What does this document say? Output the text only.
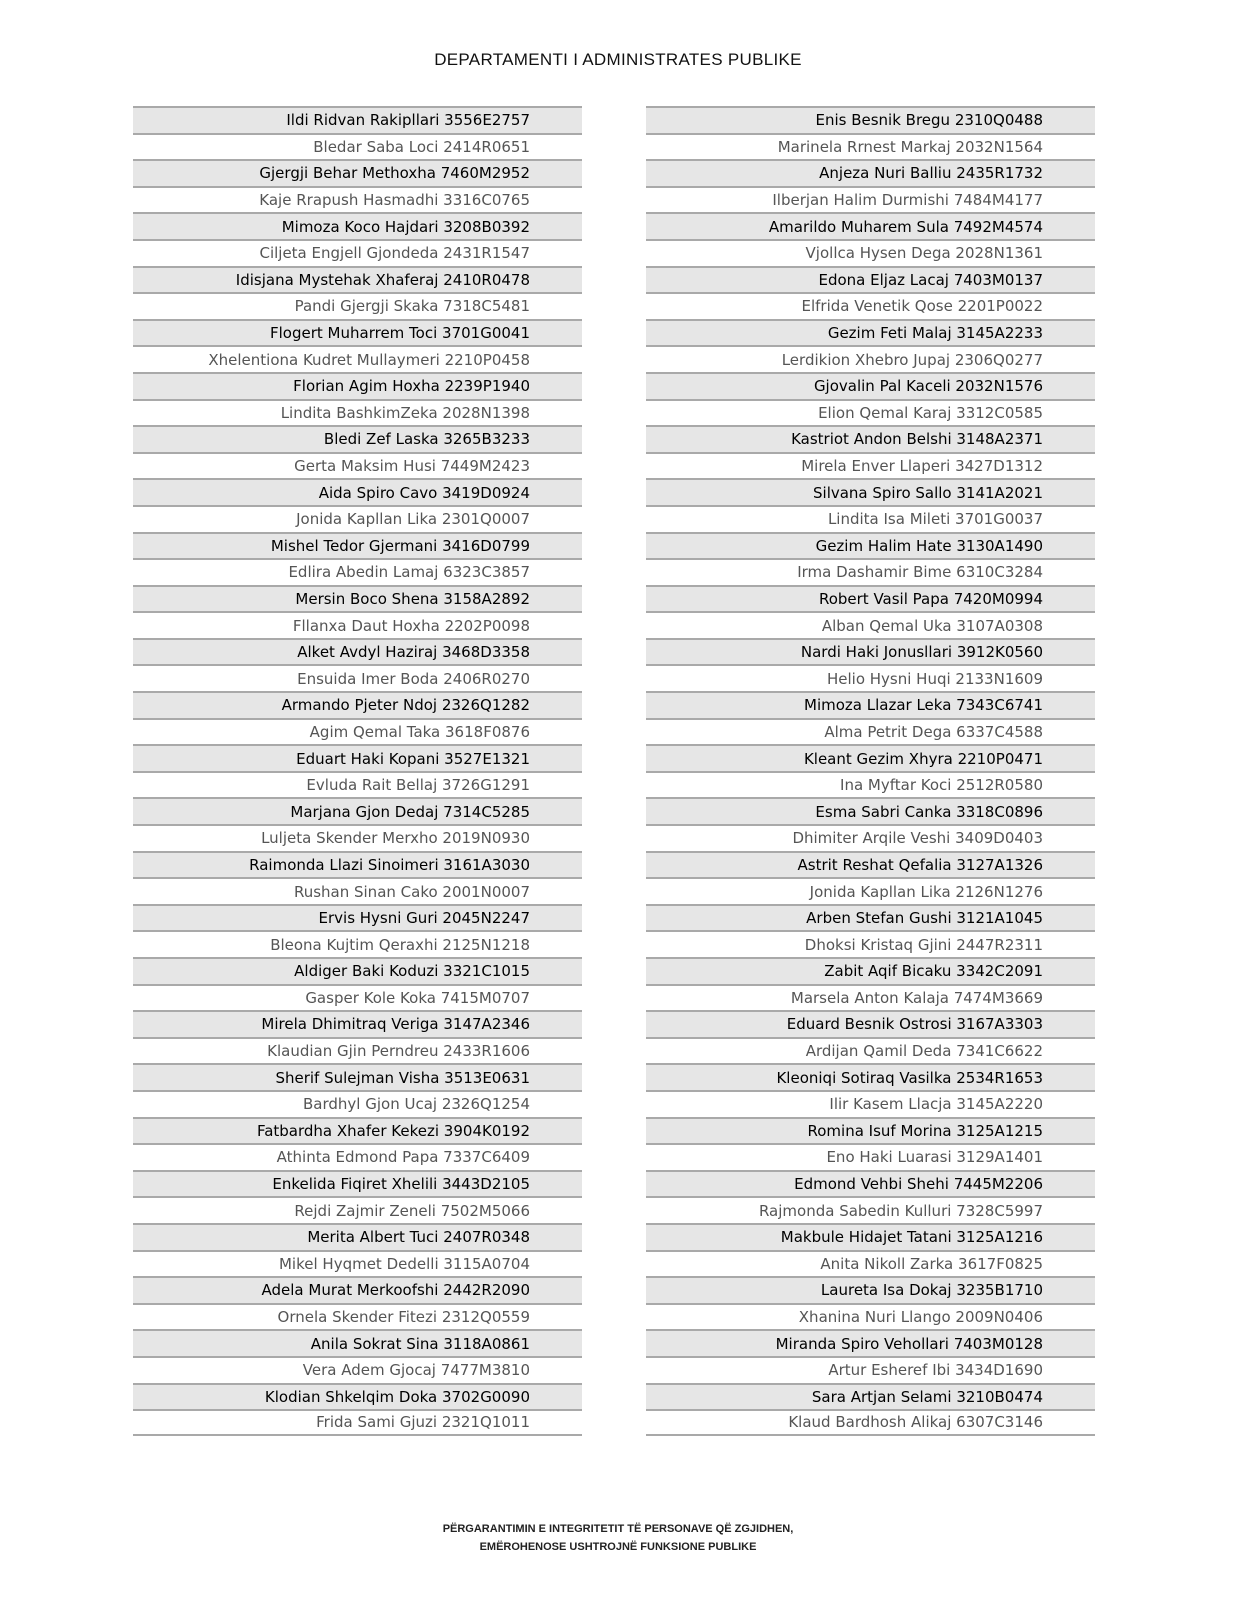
DEPARTAMENTI I ADMINISTRATES PUBLIKE
Ildi Ridvan Rakipllari 3556E2757
Bledar Saba Loci 2414R0651
Gjergji Behar Methoxha 7460M2952
Kaje Rrapush Hasmadhi 3316C0765
Mimoza Koco Hajdari 3208B0392
Ciljeta Engjell Gjondeda 2431R1547
Idisjana Mystehak Xhaferaj 2410R0478
Pandi Gjergji Skaka 7318C5481
Flogert Muharrem Toci 3701G0041
Xhelentiona Kudret Mullaymeri 2210P0458
Florian Agim Hoxha 2239P1940
Lindita BashkimZeka 2028N1398
Bledi Zef Laska 3265B3233
Gerta Maksim Husi 7449M2423
Aida Spiro Cavo 3419D0924
Jonida Kapllan Lika 2301Q0007
Mishel Tedor Gjermani 3416D0799
Edlira Abedin Lamaj 6323C3857
Mersin Boco Shena 3158A2892
Fllanxa Daut Hoxha 2202P0098
Alket Avdyl Haziraj 3468D3358
Ensuida Imer Boda 2406R0270
Armando Pjeter Ndoj 2326Q1282
Agim Qemal Taka 3618F0876
Eduart Haki Kopani 3527E1321
Evluda Rait Bellaj 3726G1291
Marjana Gjon Dedaj 7314C5285
Luljeta Skender Merxho 2019N0930
Raimonda Llazi Sinoimeri 3161A3030
Rushan Sinan Cako 2001N0007
Ervis Hysni Guri 2045N2247
Bleona Kujtim Qeraxhi 2125N1218
Aldiger Baki Koduzi 3321C1015
Gasper Kole Koka 7415M0707
Mirela Dhimitraq Veriga 3147A2346
Klaudian Gjin Perndreu 2433R1606
Sherif Sulejman Visha 3513E0631
Bardhyl Gjon Ucaj 2326Q1254
Fatbardha Xhafer Kekezi 3904K0192
Athinta Edmond Papa 7337C6409
Enkelida Fiqiret Xhelili 3443D2105
Rejdi Zajmir Zeneli 7502M5066
Merita Albert Tuci 2407R0348
Mikel Hyqmet Dedelli 3115A0704
Adela Murat Merkoofshi 2442R2090
Ornela Skender Fitezi 2312Q0559
Anila Sokrat Sina 3118A0861
Vera Adem Gjocaj 7477M3810
Klodian Shkelqim Doka 3702G0090
Frida Sami Gjuzi 2321Q1011
Enis Besnik Bregu 2310Q0488
Marinela Rrnest Markaj 2032N1564
Anjeza Nuri Balliu 2435R1732
Ilberjan Halim Durmishi 7484M4177
Amarildo Muharem Sula 7492M4574
Vjollca Hysen Dega 2028N1361
Edona Eljaz Lacaj 7403M0137
Elfrida Venetik Qose 2201P0022
Gezim Feti Malaj 3145A2233
Lerdikion Xhebro Jupaj 2306Q0277
Gjovalin Pal Kaceli 2032N1576
Elion Qemal Karaj 3312C0585
Kastriot Andon Belshi 3148A2371
Mirela Enver Llaperi 3427D1312
Silvana Spiro Sallo 3141A2021
Lindita Isa Mileti 3701G0037
Gezim Halim Hate 3130A1490
Irma Dashamir Bime 6310C3284
Robert Vasil Papa 7420M0994
Alban Qemal Uka 3107A0308
Nardi Haki Jonusllari 3912K0560
Helio Hysni Huqi 2133N1609
Mimoza Llazar Leka 7343C6741
Alma Petrit Dega 6337C4588
Kleant Gezim Xhyra 2210P0471
Ina Myftar Koci 2512R0580
Esma Sabri Canka 3318C0896
Dhimiter Arqile Veshi 3409D0403
Astrit Reshat Qefalia 3127A1326
Jonida Kapllan Lika 2126N1276
Arben Stefan Gushi 3121A1045
Dhoksi Kristaq Gjini 2447R2311
Zabit Aqif Bicaku 3342C2091
Marsela Anton Kalaja 7474M3669
Eduard Besnik Ostrosi 3167A3303
Ardijan Qamil Deda 7341C6622
Kleoniqi Sotiraq Vasilka 2534R1653
Ilir Kasem Llacja 3145A2220
Romina Isuf Morina 3125A1215
Eno Haki Luarasi 3129A1401
Edmond Vehbi Shehi 7445M2206
Rajmonda Sabedin Kulluri 7328C5997
Makbule Hidajet Tatani 3125A1216
Anita Nikoll Zarka 3617F0825
Laureta Isa Dokaj 3235B1710
Xhanina Nuri Llango 2009N0406
Miranda Spiro Vehollari 7403M0128
Artur Esheref Ibi 3434D1690
Sara Artjan Selami 3210B0474
Klaud Bardhosh Alikaj 6307C3146
PËRGARANTIMIN E INTEGRITETIT TË PERSONAVE QË ZGJIDHEN,
EMËROHENOSE USHTROJNË FUNKSIONE PUBLIKE
